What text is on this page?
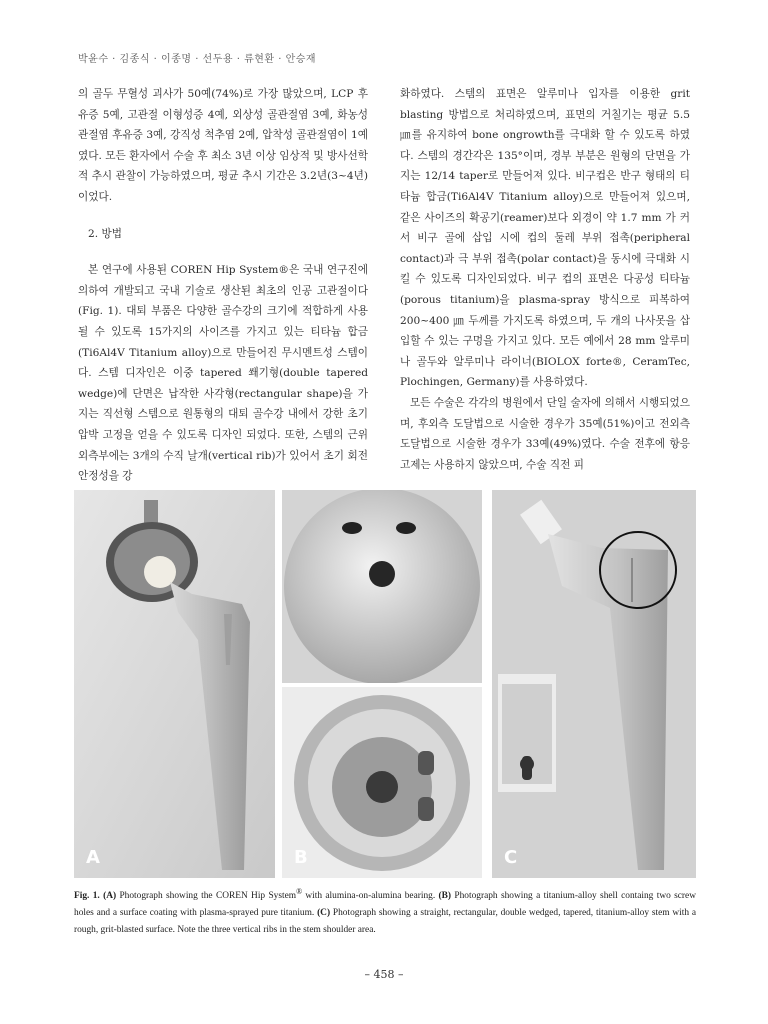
박윤수 · 김종식 · 이종명 · 선두용 · 류현환 · 안승재

의 골두 무혈성 괴사가 50예(74%)로 가장 많았으며, LCP 후유증 5예, 고관절 이형성증 4예, 외상성 골관절염 3예, 화농성 관절염 후유증 3예, 강직성 척추염 2예, 압착성 골관절염이 1예였다. 모든 환자에서 수술 후 최소 3년 이상 임상적 및 방사선학적 추시 관찰이 가능하였으며, 평균 추시 기간은 3.2년(3~4년)이었다.

2. 방법

본 연구에 사용된 COREN Hip System®은 국내 연구진에 의하여 개발되고 국내 기술로 생산된 최초의 인공 고관절이다(Fig. 1). 대퇴 부품은 다양한 골수강의 크기에 적합하게 사용될 수 있도록 15가지의 사이즈를 가지고 있는 티타늄 합금(Ti6Al4V Titanium alloy)으로 만들어진 무시멘트성 스템이다. 스템 디자인은 이중 tapered 쐐기형(double tapered wedge)에 단면은 납작한 사각형(rectangular shape)을 가지는 직선형 스템으로 원통형의 대퇴 골수강 내에서 강한 초기 압박 고정을 얻을 수 있도록 디자인 되었다. 또한, 스템의 근위 외측부에는 3개의 수직 날개(vertical rib)가 있어서 초기 회전 안정성을 강

화하였다. 스템의 표면은 알루미나 입자를 이용한 grit blasting 방법으로 처리하였으며, 표면의 거칠기는 평균 5.5 ㎛를 유지하여 bone ongrowth를 극대화 할 수 있도록 하였다. 스템의 경간각은 135°이며, 경부 부분은 원형의 단면을 가지는 12/14 taper로 만들어져 있다. 비구컵은 반구 형태의 티타늄 합금(Ti6Al4V Titanium alloy)으로 만들어져 있으며, 같은 사이즈의 확공기(reamer)보다 외경이 약 1.7 mm 가 커서 비구 골에 삽입 시에 컵의 둘레 부위 접촉(peripheral contact)과 극 부위 접촉(polar contact)을 동시에 극대화 시킬 수 있도록 디자인되었다. 비구 컵의 표면은 다공성 티타늄(porous titanium)을 plasma-spray 방식으로 피복하여 200~400 ㎛ 두께를 가지도록 하였으며, 두 개의 나사못을 삽입할 수 있는 구멍을 가지고 있다. 모든 예에서 28 mm 알루미나 골두와 알루미나 라이너(BIOLOX forte®, CeramTec, Plochingen, Germany)를 사용하였다.

모든 수술은 각각의 병원에서 단일 술자에 의해서 시행되었으며, 후외측 도달법으로 시술한 경우가 35예(51%)이고 전외측 도달법으로 시술한 경우가 33예(49%)였다. 수술 전후에 항응고제는 사용하지 않았으며, 수술 직전 피

A	B	C
Fig. 1. (A) Photograph showing the COREN Hip System® with alumina-on-alumina bearing. (B) Photograph showing a titanium-alloy shell containg two screw holes and a surface coating with plasma-sprayed pure titanium. (C) Photograph showing a straight, rectangular, double wedged, tapered, titanium-alloy stem with a rough, grit-blasted surface. Note the three vertical ribs in the stem shoulder area.
– 458 –
